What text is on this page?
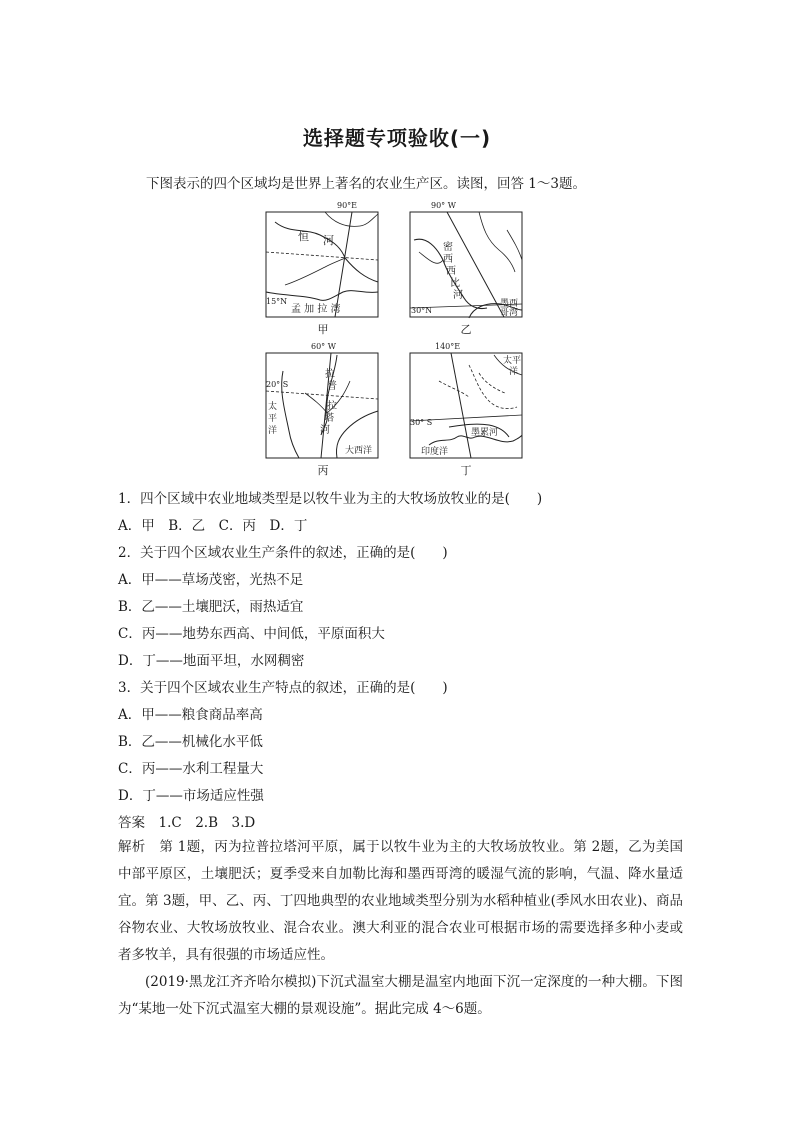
选择题专项验收(一)
下图表示的四个区域均是世界上著名的农业生产区。读图，回答 1～3题。
90°E
恒 河
15°N
孟 加 拉 湾
甲
90° W
密
西
西
比
河
30°N
墨西
哥湾
乙
60° W
拉
普
拉
塔
河
20° S
太
平
洋
大西洋
丙
140°E
太平
洋
30° S
墨累河
印度洋
丁
1．四个区域中农业地域类型是以牧牛业为主的大牧场放牧业的是(　　)
A．甲　B．乙　C．丙　D．丁
2．关于四个区域农业生产条件的叙述，正确的是(　　)
A．甲——草场茂密，光热不足
B．乙——土壤肥沃，雨热适宜
C．丙——地势东西高、中间低，平原面积大
D．丁——地面平坦，水网稠密
3．关于四个区域农业生产特点的叙述，正确的是(　　)
A．甲——粮食商品率高
B．乙——机械化水平低
C．丙——水利工程量大
D．丁——市场适应性强
答案　1.C　2.B　3.D
解析　第 1题，丙为拉普拉塔河平原，属于以牧牛业为主的大牧场放牧业。第 2题，乙为美国中部平原区，土壤肥沃；夏季受来自加勒比海和墨西哥湾的暖湿气流的影响，气温、降水量适宜。第 3题，甲、乙、丙、丁四地典型的农业地域类型分别为水稻种植业(季风水田农业)、商品谷物农业、大牧场放牧业、混合农业。澳大利亚的混合农业可根据市场的需要选择多种小麦或者多牧羊，具有很强的市场适应性。
(2019·黑龙江齐齐哈尔模拟)下沉式温室大棚是温室内地面下沉一定深度的一种大棚。下图为“某地一处下沉式温室大棚的景观设施”。据此完成 4～6题。
